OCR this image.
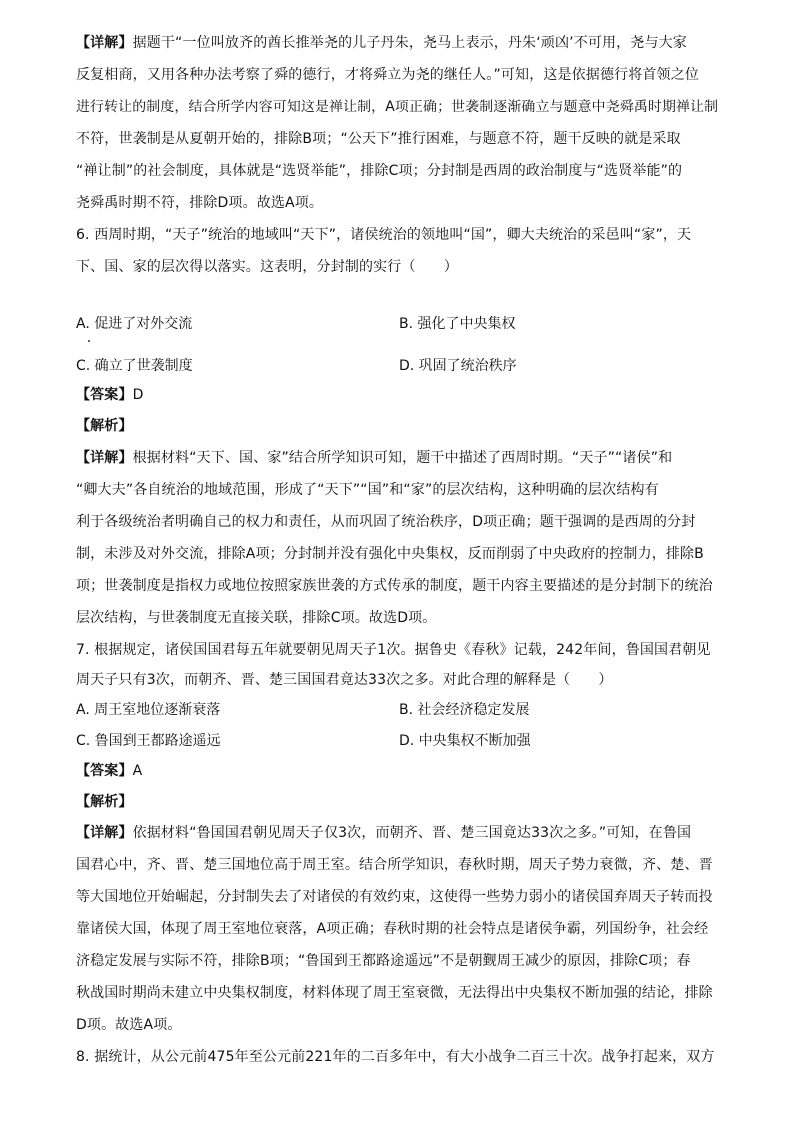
【详解】据题干“一位叫放齐的酋长推举尧的儿子丹朱，尧马上表示，丹朱‘顽凶’不可用，尧与大家
反复相商，又用各种办法考察了舜的德行，才将舜立为尧的继任人。”可知，这是依据德行将首领之位
进行转让的制度，结合所学内容可知这是禅让制，A项正确；世袭制逐渐确立与题意中尧舜禹时期禅让制
不符，世袭制是从夏朝开始的，排除B项；“公天下”推行困难，与题意不符，题干反映的就是采取
“禅让制”的社会制度，具体就是“选贤举能”，排除C项；分封制是西周的政治制度与“选贤举能”的
尧舜禹时期不符，排除D项。故选A项。
6. 西周时期，“天子”统治的地域叫“天下”，诸侯统治的领地叫“国”，卿大夫统治的采邑叫“家”，天
下、国、家的层次得以落实。这表明，分封制的实行（　　）
A. 促进了对外交流	B. 强化了中央集权
C. 确立了世袭制度	D. 巩固了统治秩序
【答案】D
【解析】
【详解】根据材料“天下、国、家”结合所学知识可知，题干中描述了西周时期。“天子”“诸侯”和
“卿大夫”各自统治的地域范围，形成了“天下”“国”和“家”的层次结构，这种明确的层次结构有
利于各级统治者明确自己的权力和责任，从而巩固了统治秩序，D项正确；题干强调的是西周的分封
制，未涉及对外交流，排除A项；分封制并没有强化中央集权，反而削弱了中央政府的控制力，排除B
项；世袭制度是指权力或地位按照家族世袭的方式传承的制度，题干内容主要描述的是分封制下的统治
层次结构，与世袭制度无直接关联，排除C项。故选D项。
7. 根据规定，诸侯国国君每五年就要朝见周天子1次。据鲁史《春秋》记载，242年间，鲁国国君朝见
周天子只有3次，而朝齐、晋、楚三国国君竟达33次之多。对此合理的解释是（　　）
A. 周王室地位逐渐衰落	B. 社会经济稳定发展
C. 鲁国到王都路途遥远	D. 中央集权不断加强
【答案】A
【解析】
【详解】依据材料“鲁国国君朝见周天子仅3次，而朝齐、晋、楚三国竟达33次之多。”可知，在鲁国
国君心中，齐、晋、楚三国地位高于周王室。结合所学知识，春秋时期，周天子势力衰微，齐、楚、晋
等大国地位开始崛起，分封制失去了对诸侯的有效约束，这使得一些势力弱小的诸侯国弃周天子转而投
靠诸侯大国，体现了周王室地位衰落，A项正确；春秋时期的社会特点是诸侯争霸，列国纷争，社会经
济稳定发展与实际不符，排除B项；“鲁国到王都路途遥远”不是朝觐周王减少的原因，排除C项；春
秋战国时期尚未建立中央集权制度，材料体现了周王室衰微，无法得出中央集权不断加强的结论，排除
D项。故选A项。
8. 据统计，从公元前475年至公元前221年的二百多年中，有大小战争二百三十次。战争打起来，双方
